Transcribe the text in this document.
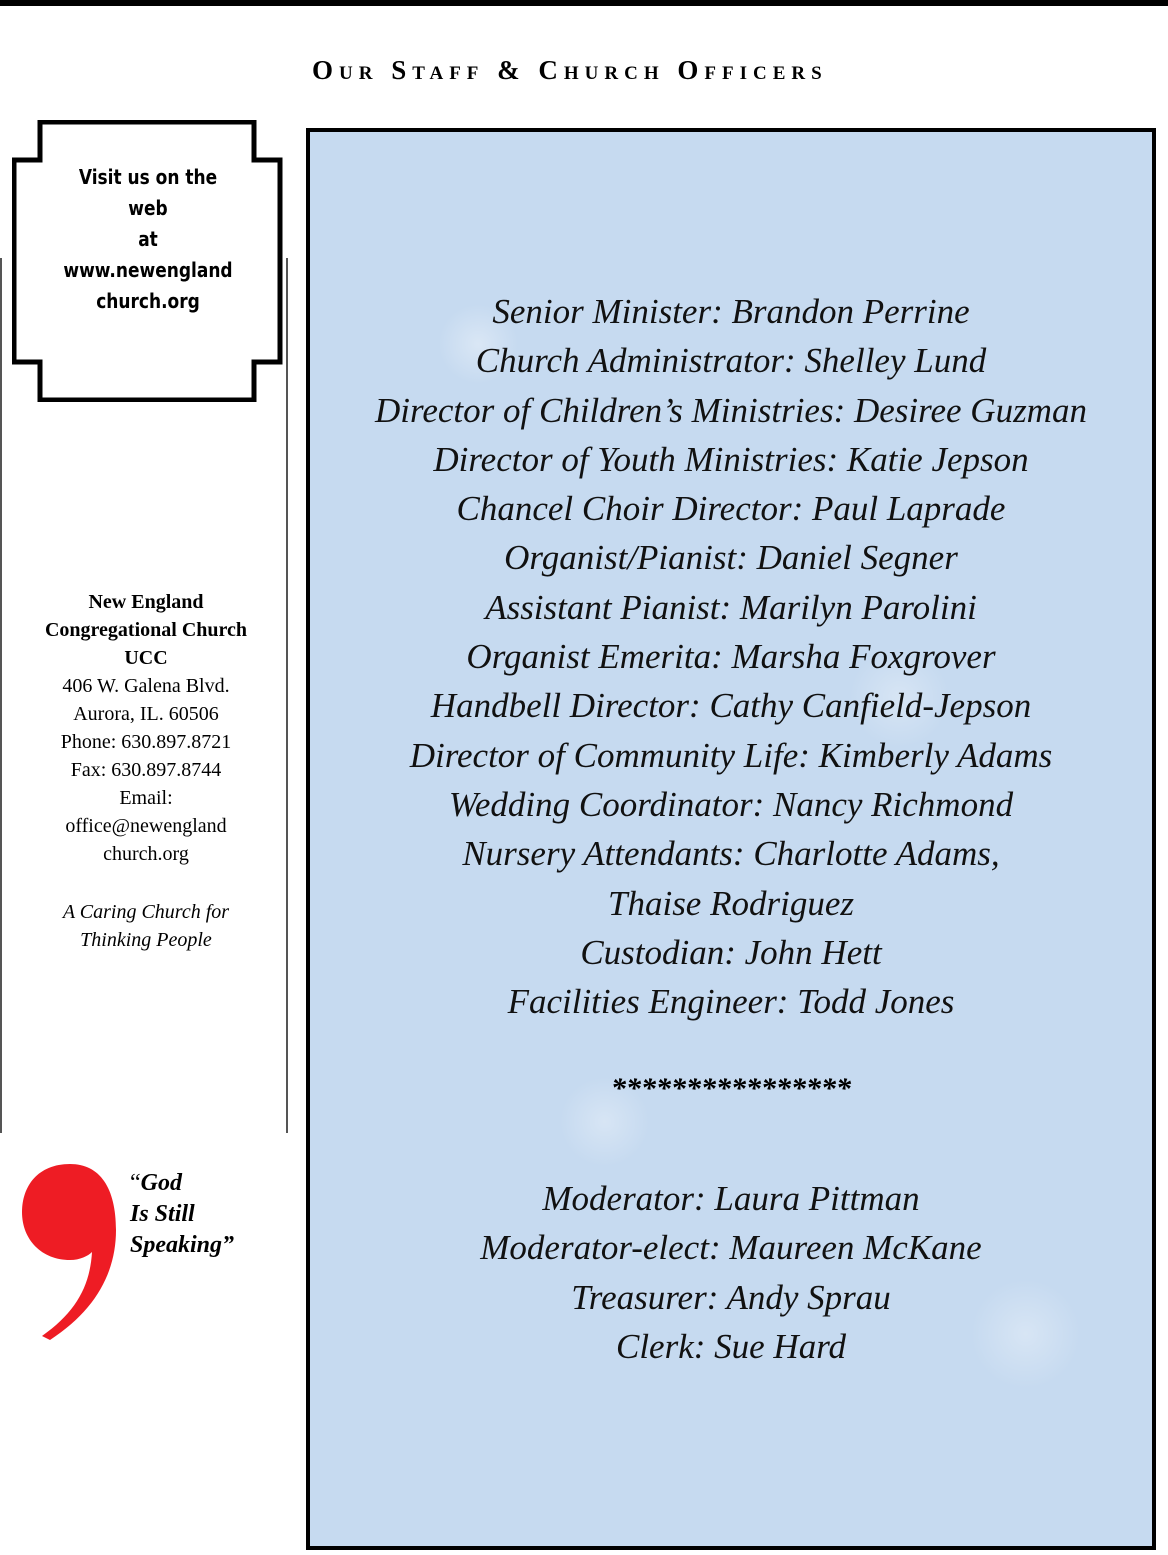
Our Staff & Church Officers
Visit us on the
web
at
www.newengland
church.org
New England
Congregational Church
UCC
406 W. Galena Blvd.
Aurora, IL. 60506
Phone: 630.897.8721
Fax: 630.897.8744
Email:
office@newengland
church.org
A Caring Church for
Thinking People
“God
Is Still
Speaking”
Senior Minister: Brandon Perrine
Church Administrator: Shelley Lund
Director of Children’s Ministries: Desiree Guzman
Director of Youth Ministries: Katie Jepson
Chancel Choir Director: Paul Laprade
Organist/Pianist: Daniel Segner
Assistant Pianist: Marilyn Parolini
Organist Emerita: Marsha Foxgrover
Handbell Director: Cathy Canfield-Jepson
Director of Community Life: Kimberly Adams
Wedding Coordinator: Nancy Richmond
Nursery Attendants: Charlotte Adams,
Thaise Rodriguez
Custodian: John Hett
Facilities Engineer: Todd Jones
****************
Moderator: Laura Pittman
Moderator-elect: Maureen McKane
Treasurer: Andy Sprau
Clerk: Sue Hard
